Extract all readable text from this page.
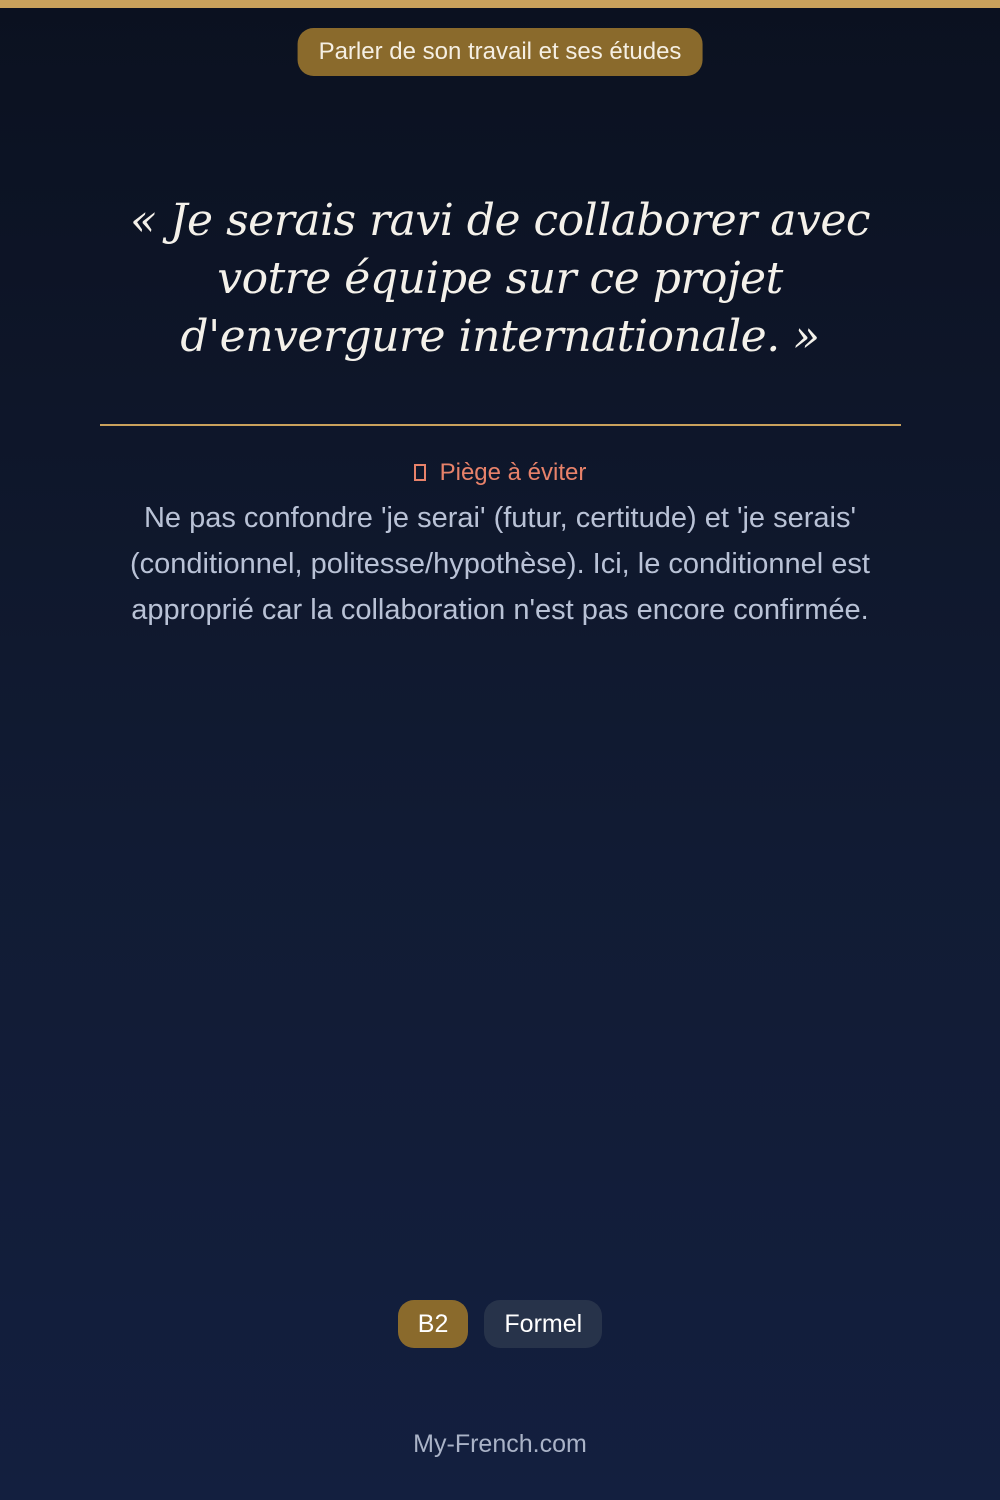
Parler de son travail et ses études

« Je serais ravi de collaborer avec votre équipe sur ce projet d'envergure internationale. »

Piège à éviter

Ne pas confondre 'je serai' (futur, certitude) et 'je serais' (conditionnel, politesse/hypothèse). Ici, le conditionnel est approprié car la collaboration n'est pas encore confirmée.

B2	Formel
My-French.com
